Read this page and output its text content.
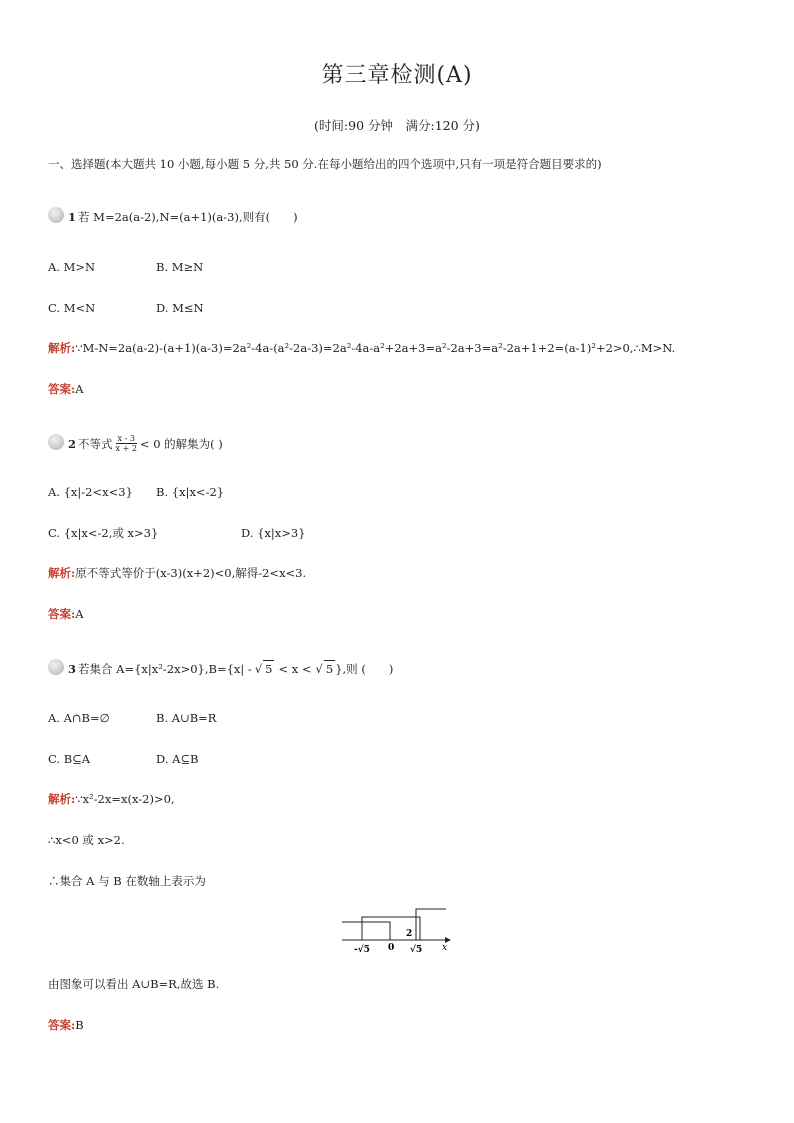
第三章检测(A)
(时间:90 分钟　满分:120 分)
一、选择题(本大题共 10 小题,每小题 5 分,共 50 分.在每小题给出的四个选项中,只有一项是符合题目要求的)
1 若 M=2a(a-2),N=(a+1)(a-3),则有(　　)
A. M>N	B. M≥N
C. M<N	D. M≤N
解析:∵M-N=2a(a-2)-(a+1)(a-3)=2a²-4a-(a²-2a-3)=2a²-4a-a²+2a+3=a²-2a+3=a²-2a+1+2=(a-1)²+2>0,∴M>N.
答案:A
2 不等式 $\frac{x - 3}{x + 2} < 0$ 的解集为( )
A. {x|-2<x<3} B. {x|x<-2}
C. {x|x<-2,或 x>3}	D. {x|x>3}
解析:原不等式等价于(x-3)(x+2)<0,解得-2<x<3.
答案:A
3 若集合 A={x|x²-2x>0},B={x| - √ 5 < x < √ 5 },则 (　　)
A. A∩B=∅	B. A∪B=R
C. B⊆A	D. A⊆B
解析:∵x²-2x=x(x-2)>0,
∴x<0 或 x>2.
∴集合 A 与 B 在数轴上表示为
-√5 0
2
√5 x
由图象可以看出 A∪B=R,故选 B.
答案:B
